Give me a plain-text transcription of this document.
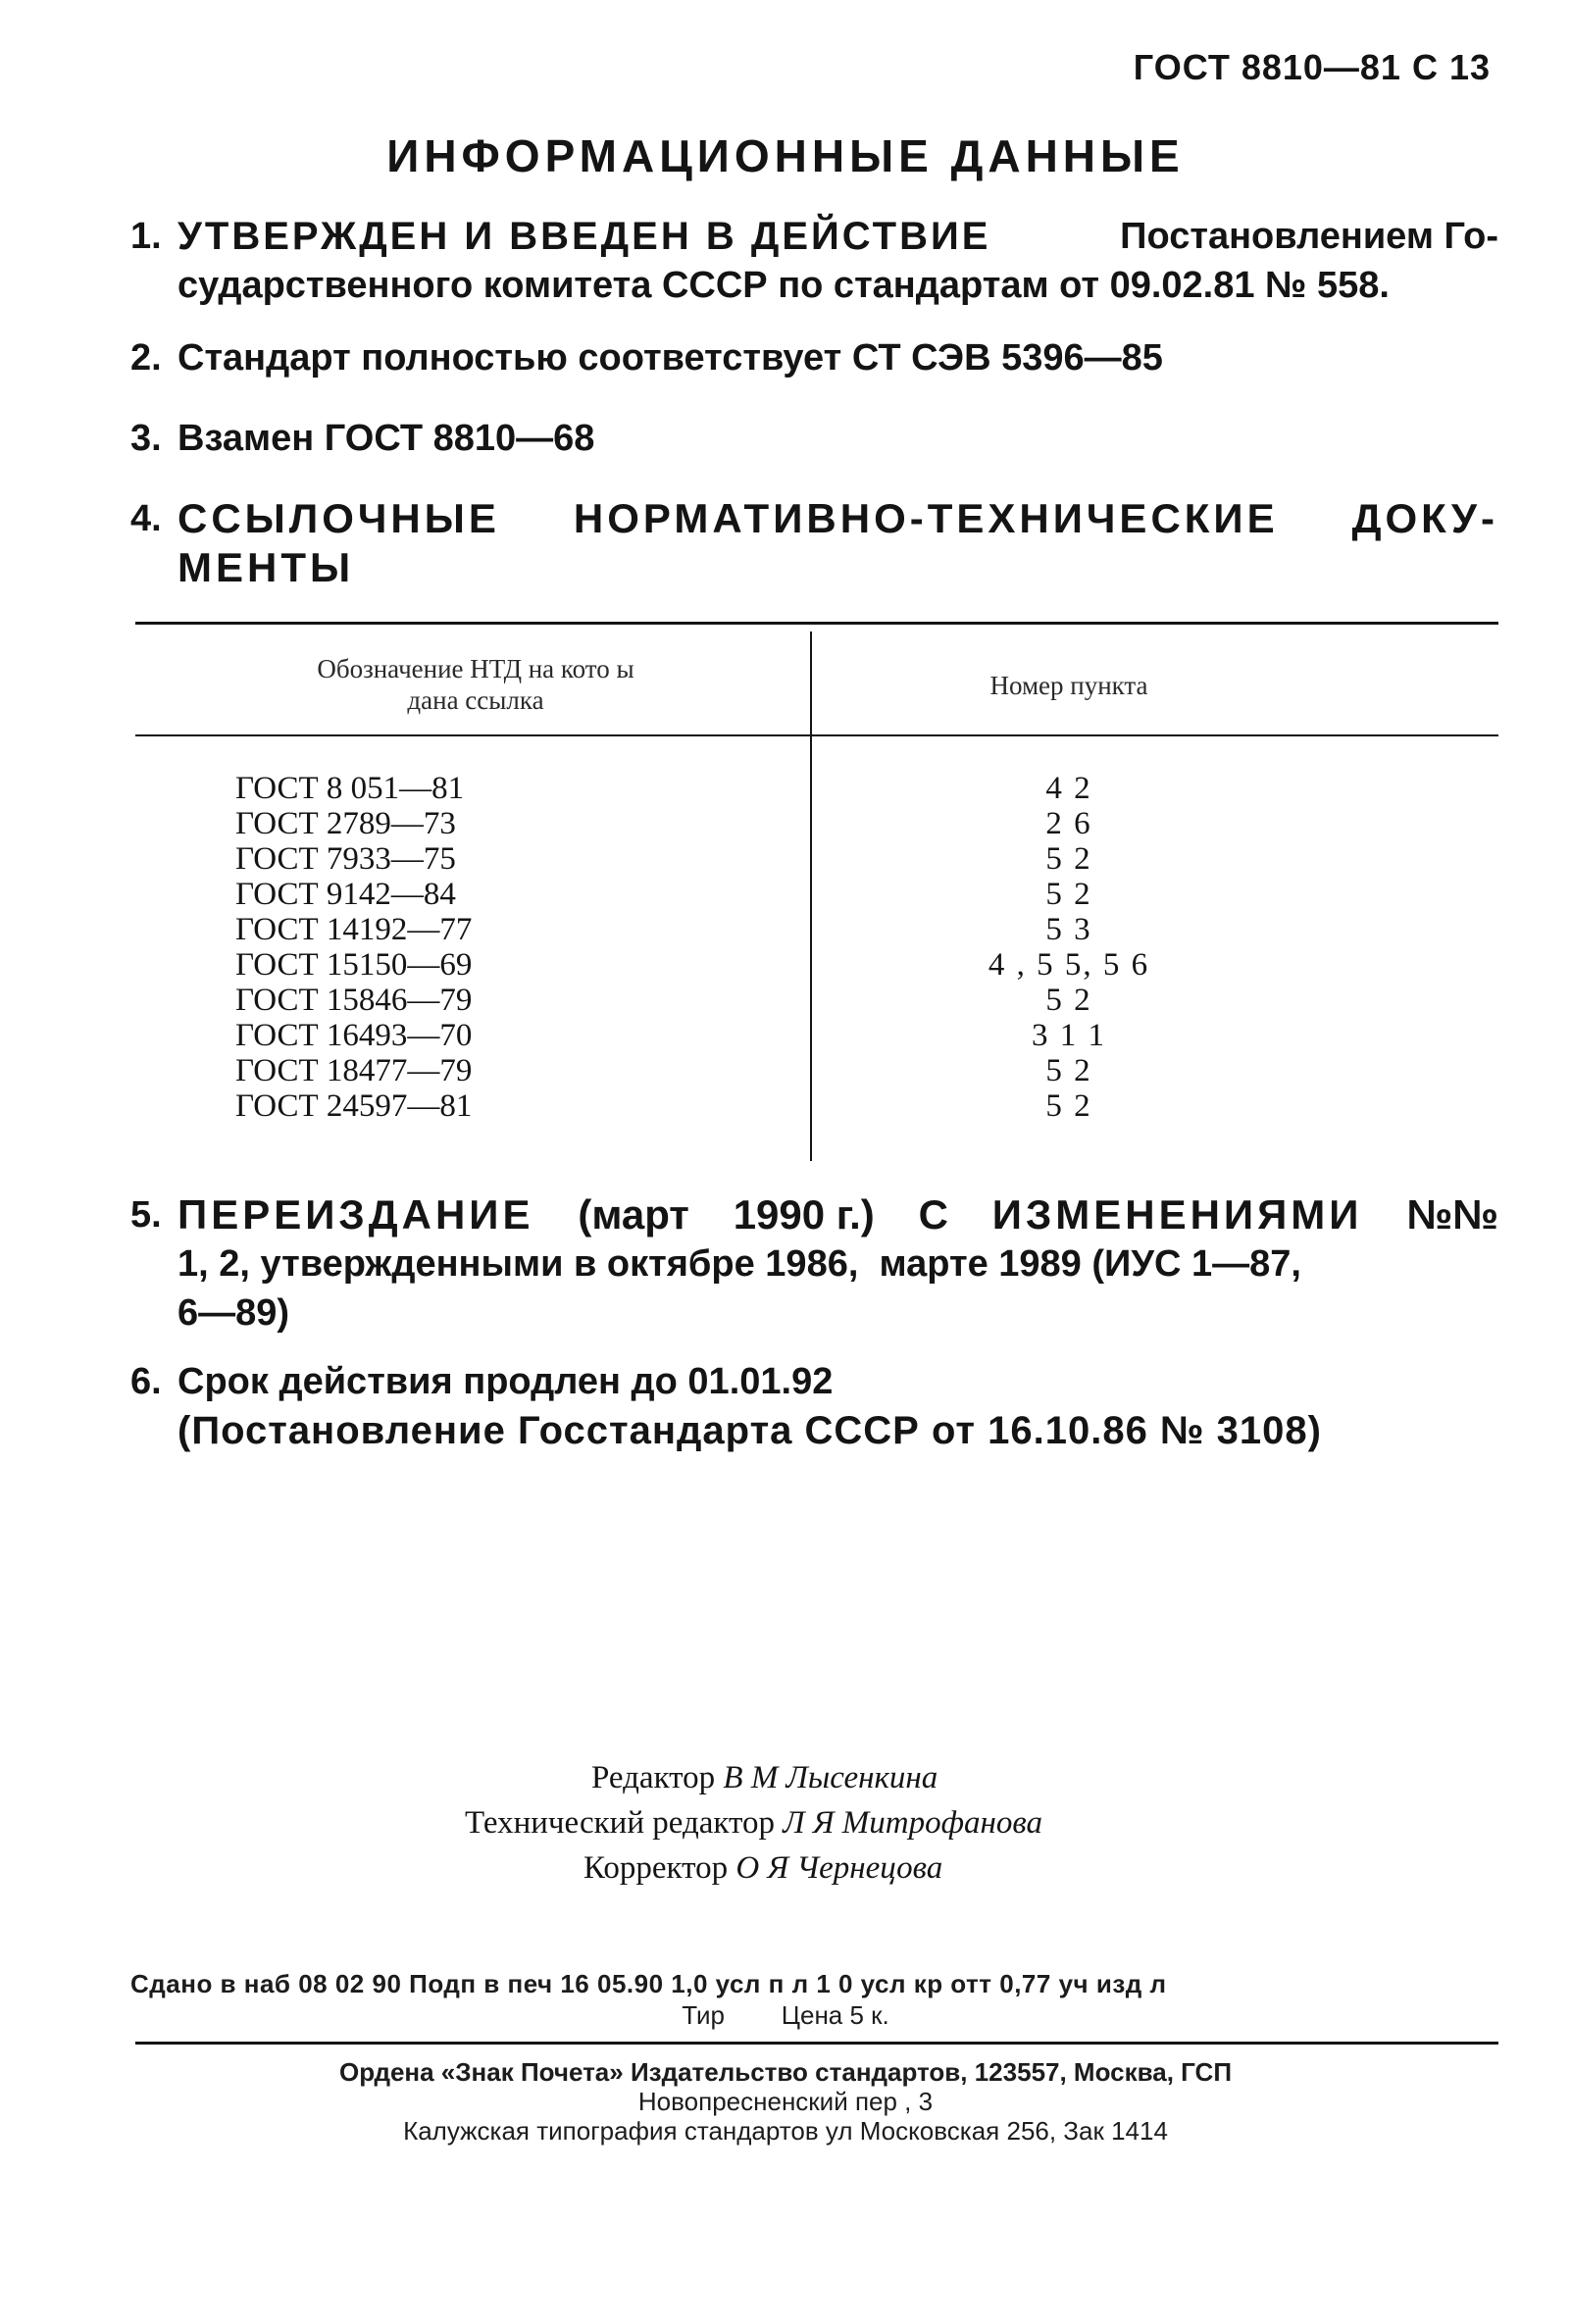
ГОСТ 8810—81 С 13
ИНФОРМАЦИОННЫЕ ДАННЫЕ
1. УТВЕРЖДЕН И ВВЕДЕН В ДЕЙСТВИЕ	Постановлением Го-
сударственного комитета СССР по стандартам от 09.02.81 № 558.
2. Стандарт полностью соответствует СТ СЭВ 5396—85
3. Взамен ГОСТ 8810—68
4. ССЫЛОЧНЫЕ НОРМАТИВНО-ТЕХНИЧЕСКИЕ ДОКУ-
МЕНТЫ
Обозначение НТД на кото ы
дана ссылка	Номер пункта
ГОСТ 8 051—81	4 2
ГОСТ 2789—73	2 6
ГОСТ 7933—75	5 2
ГОСТ 9142—84	5 2
ГОСТ 14192—77	5 3
ГОСТ 15150—69	4 , 5 5, 5 6
ГОСТ 15846—79	5 2
ГОСТ 16493—70	3 1 1
ГОСТ 18477—79	5 2
ГОСТ 24597—81	5 2
5. ПЕРЕИЗДАНИЕ (март 1990 г.) С ИЗМЕНЕНИЯМИ №№
1, 2, утвержденными в октябре 1986,  марте 1989 (ИУС 1—87,
6—89)
6. Срок действия продлен до 01.01.92
(Постановление Госстандарта СССР от 16.10.86 № 3108)
Редактор В М Лысенкина
Технический редактор Л Я Митрофанова
Корректор О Я Чернецова
Сдано в наб 08 02 90 Подп в печ 16 05.90 1,0 усл п л 1 0 усл кр отт 0,77 уч изд л
Тир        Цена 5 к.
Ордена «Знак Почета» Издательство стандартов, 123557, Москва, ГСП
Новопресненский пер , 3
Калужская типография стандартов ул Московская 256, Зак 1414
